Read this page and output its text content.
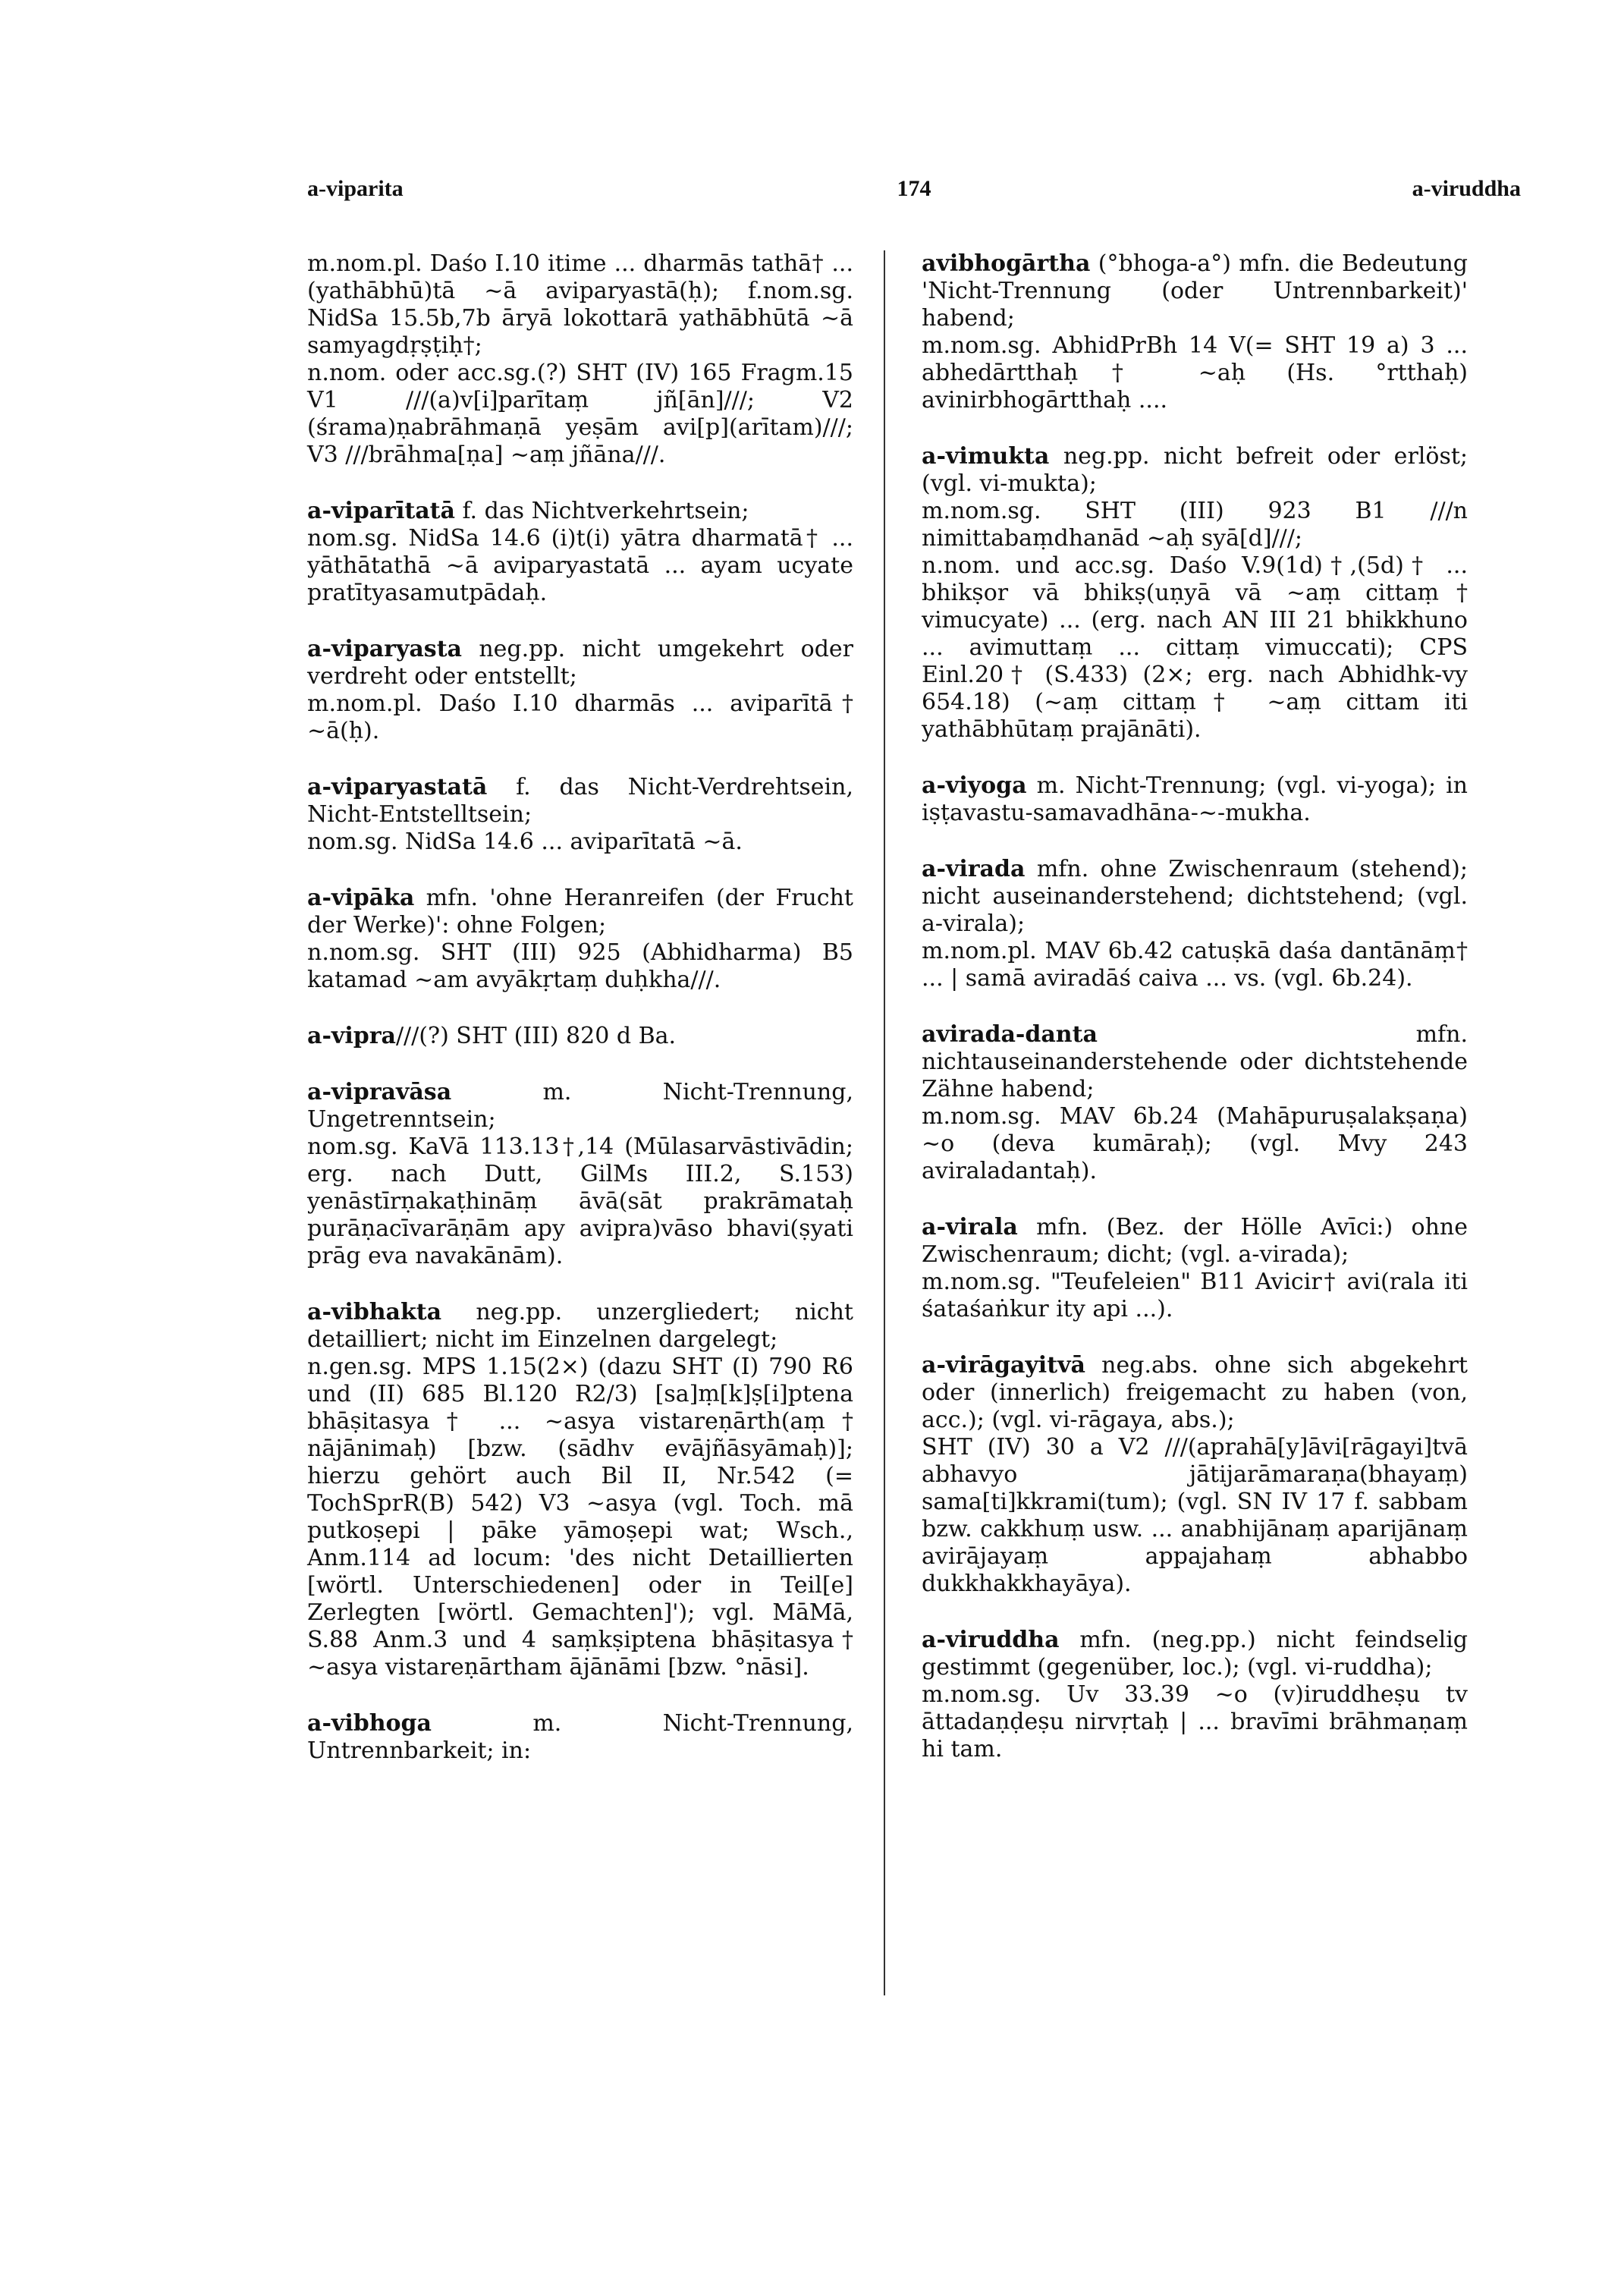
a-viparita	174	a-viruddha

m.nom.pl. Daśo I.10 itime ... dharmās tathā† ... (yathābhū)tā ~ā aviparyastā(ḥ); f.nom.sg. NidSa 15.5b,7b āryā lokottarā yathābhūtā ~ā samyagdṛṣṭiḥ†;

n.nom. oder acc.sg.(?) SHT (IV) 165 Fragm.15 V1 ///(a)v[i]parītaṃ jñ[ān]///; V2 (śrama)ṇabrāhmaṇā yeṣām avi[p](arītam)///; V3 ///brāhma[ṇa] ~aṃ jñāna///.

a-viparītatā f. das Nichtverkehrtsein;

nom.sg. NidSa 14.6 (i)t(i) yātra dharmatā† ... yāthātathā ~ā aviparyastatā ... ayam ucyate pratītyasamutpādaḥ.

a-viparyasta neg.pp. nicht umgekehrt oder verdreht oder entstellt;

m.nom.pl. Daśo I.10 dharmās ... aviparītā† ~ā(ḥ).

a-viparyastatā f. das Nicht-Verdrehtsein, Nicht-Entstelltsein;

nom.sg. NidSa 14.6 ... aviparītatā ~ā.

a-vipāka mfn. 'ohne Heranreifen (der Frucht der Werke)': ohne Folgen;

n.nom.sg. SHT (III) 925 (Abhidharma) B5 katamad ~am avyākṛtaṃ duḥkha///.

a-vipra///(?) SHT (III) 820 d Ba.

a-vipravāsa m. Nicht-Trennung, Ungetrenntsein;

nom.sg. KaVā 113.13†,14 (Mūlasarvāstivādin; erg. nach Dutt, GilMs III.2, S.153) yenāstīrṇakaṭhināṃ āvā(sāt prakrāmataḥ purāṇacīvarāṇām apy avipra)vāso bhavi(ṣyati prāg eva navakānām).

a-vibhakta neg.pp. unzergliedert; nicht detailliert; nicht im Einzelnen dargelegt;

n.gen.sg. MPS 1.15(2×) (dazu SHT (I) 790 R6 und (II) 685 Bl.120 R2/3) [sa]ṃ[k]ṣ[i]ptena bhāṣitasya† ... ~asya vistareṇārth(aṃ† nājānimaḥ) [bzw. (sādhv evājñāsyāmaḥ)]; hierzu gehört auch Bil II, Nr.542 (= TochSprR(B) 542) V3 ~asya (vgl. Toch. mā putkoṣepi | pāke yāmoṣepi wat; Wsch., Anm.114 ad locum: 'des nicht Detaillierten [wörtl. Unterschiedenen] oder in Teil[e] Zerlegten [wörtl. Gemachten]'); vgl. MāMā, S.88 Anm.3 und 4 saṃkṣiptena bhāṣitasya† ~asya vistareṇārtham ājānāmi [bzw. °nāsi].

a-vibhoga m. Nicht-Trennung, Untrennbarkeit; in:

avibhogārtha (°bhoga-a°) mfn. die Bedeutung 'Nicht-Trennung (oder Untrennbarkeit)' habend;

m.nom.sg. AbhidPrBh 14 V(= SHT 19 a) 3 ... abhedārtthaḥ† ~aḥ (Hs. °rtthaḥ) avinirbhogārtthaḥ ....

a-vimukta neg.pp. nicht befreit oder erlöst; (vgl. vi-mukta);

m.nom.sg. SHT (III) 923 B1 ///n nimittabaṃdhanād ~aḥ syā[d]///;

n.nom. und acc.sg. Daśo V.9(1d)†,(5d)† ... bhikṣor vā bhikṣ(uṇyā vā ~aṃ cittaṃ† vimucyate) ... (erg. nach AN III 21 bhikkhuno ... avimuttaṃ ... cittaṃ vimuccati); CPS Einl.20† (S.433) (2×; erg. nach Abhidhk-vy 654.18) (~aṃ cittaṃ† ~aṃ cittam iti yathābhūtaṃ prajānāti).

a-viyoga m. Nicht-Trennung; (vgl. vi-yoga); in iṣṭavastu-samavadhāna-~-mukha.

a-virada mfn. ohne Zwischenraum (stehend); nicht auseinanderstehend; dichtstehend; (vgl. a-virala);

m.nom.pl. MAV 6b.42 catuṣkā daśa dantānāṃ† ... | samā aviradāś caiva ... vs. (vgl. 6b.24).

avirada-danta mfn. nichtauseinanderstehende oder dichtstehende Zähne habend;

m.nom.sg. MAV 6b.24 (Mahāpuruṣalakṣaṇa) ~o (deva kumāraḥ); (vgl. Mvy 243 aviraladantaḥ).

a-virala mfn. (Bez. der Hölle Avīci:) ohne Zwischenraum; dicht; (vgl. a-virada);

m.nom.sg. "Teufeleien" B11 Avicir† avi(rala iti śataśaṅkur ity api ...).

a-virāgayitvā neg.abs. ohne sich abgekehrt oder (innerlich) freigemacht zu haben (von, acc.); (vgl. vi-rāgaya, abs.);

SHT (IV) 30 a V2 ///(aprahā[y]āvi[rāgayi]tvā abhavyo jātijarāmaraṇa(bhayaṃ) sama[ti]kkrami(tum); (vgl. SN IV 17 f. sabbam bzw. cakkhuṃ usw. ... anabhijānaṃ aparijānaṃ avirājayaṃ appajahaṃ abhabbo dukkhakkhayāya).

a-viruddha mfn. (neg.pp.) nicht feindselig gestimmt (gegenüber, loc.); (vgl. vi-ruddha);

m.nom.sg. Uv 33.39 ~o (v)iruddheṣu tv āttadaṇḍeṣu nirvṛtaḥ | ... bravīmi brāhmaṇaṃ hi tam.
